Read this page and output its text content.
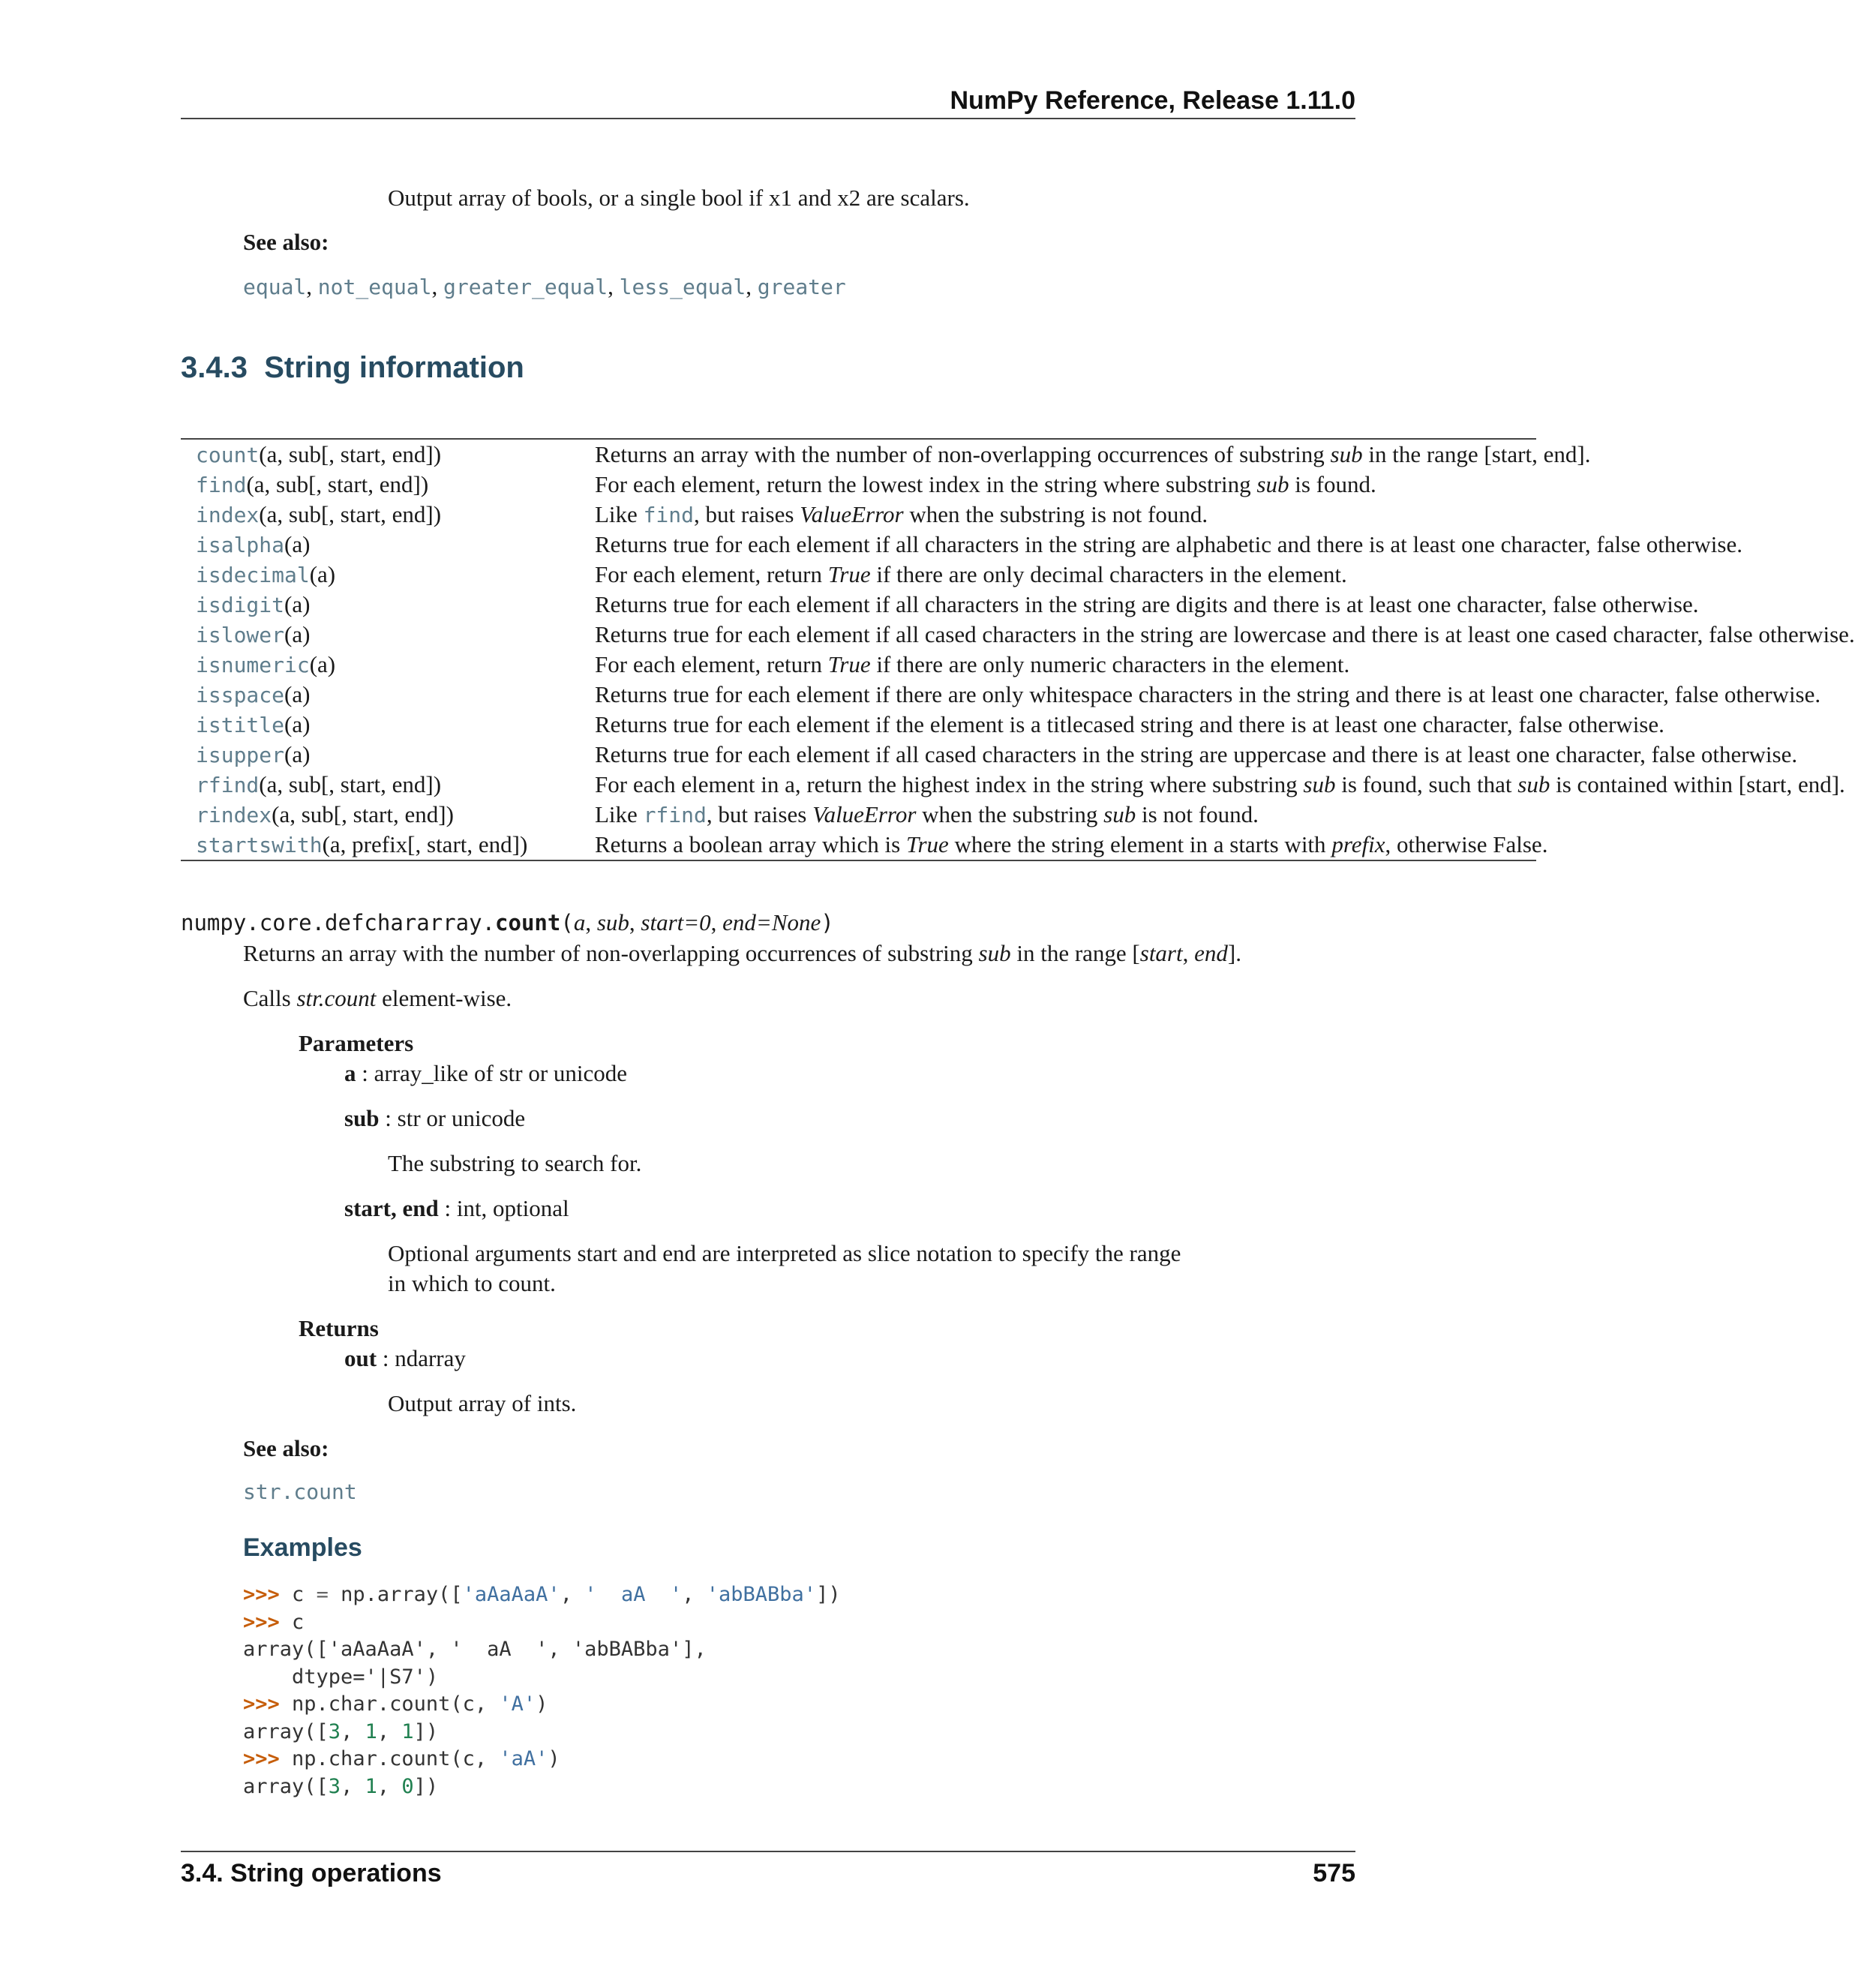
NumPy Reference, Release 1.11.0
Output array of bools, or a single bool if x1 and x2 are scalars.
See also:
equal, not_equal, greater_equal, less_equal, greater
3.4.3 String information
count(a, sub[, start, end])	Returns an array with the number of non-overlapping occurrences of substring sub in the range [start, end].
find(a, sub[, start, end])	For each element, return the lowest index in the string where substring sub is found.
index(a, sub[, start, end])	Like find, but raises ValueError when the substring is not found.
isalpha(a)	Returns true for each element if all characters in the string are alphabetic and there is at least one character, false otherwise.
isdecimal(a)	For each element, return True if there are only decimal characters in the element.
isdigit(a)	Returns true for each element if all characters in the string are digits and there is at least one character, false otherwise.
islower(a)	Returns true for each element if all cased characters in the string are lowercase and there is at least one cased character, false otherwise.
isnumeric(a)	For each element, return True if there are only numeric characters in the element.
isspace(a)	Returns true for each element if there are only whitespace characters in the string and there is at least one character, false otherwise.
istitle(a)	Returns true for each element if the element is a titlecased string and there is at least one character, false otherwise.
isupper(a)	Returns true for each element if all cased characters in the string are uppercase and there is at least one character, false otherwise.
rfind(a, sub[, start, end])	For each element in a, return the highest index in the string where substring sub is found, such that sub is contained within [start, end].
rindex(a, sub[, start, end])	Like rfind, but raises ValueError when the substring sub is not found.
startswith(a, prefix[, start, end])	Returns a boolean array which is True where the string element in a starts with prefix, otherwise False.
numpy.core.defchararray.count(a, sub, start=0, end=None)
Returns an array with the number of non-overlapping occurrences of substring sub in the range [start, end].
Calls str.count element-wise.
Parameters
a : array_like of str or unicode
sub : str or unicode
The substring to search for.
start, end : int, optional
Optional arguments start and end are interpreted as slice notation to specify the range
in which to count.
Returns
out : ndarray
Output array of ints.
See also:
str.count
Examples
>>> c = np.array(['aAaAaA', '  aA  ', 'abBABba'])
>>> c
array(['aAaAaA', '  aA  ', 'abBABba'],
dtype='|S7')
>>> np.char.count(c, 'A')
array([3, 1, 1])
>>> np.char.count(c, 'aA')
array([3, 1, 0])
3.4. String operations	575
